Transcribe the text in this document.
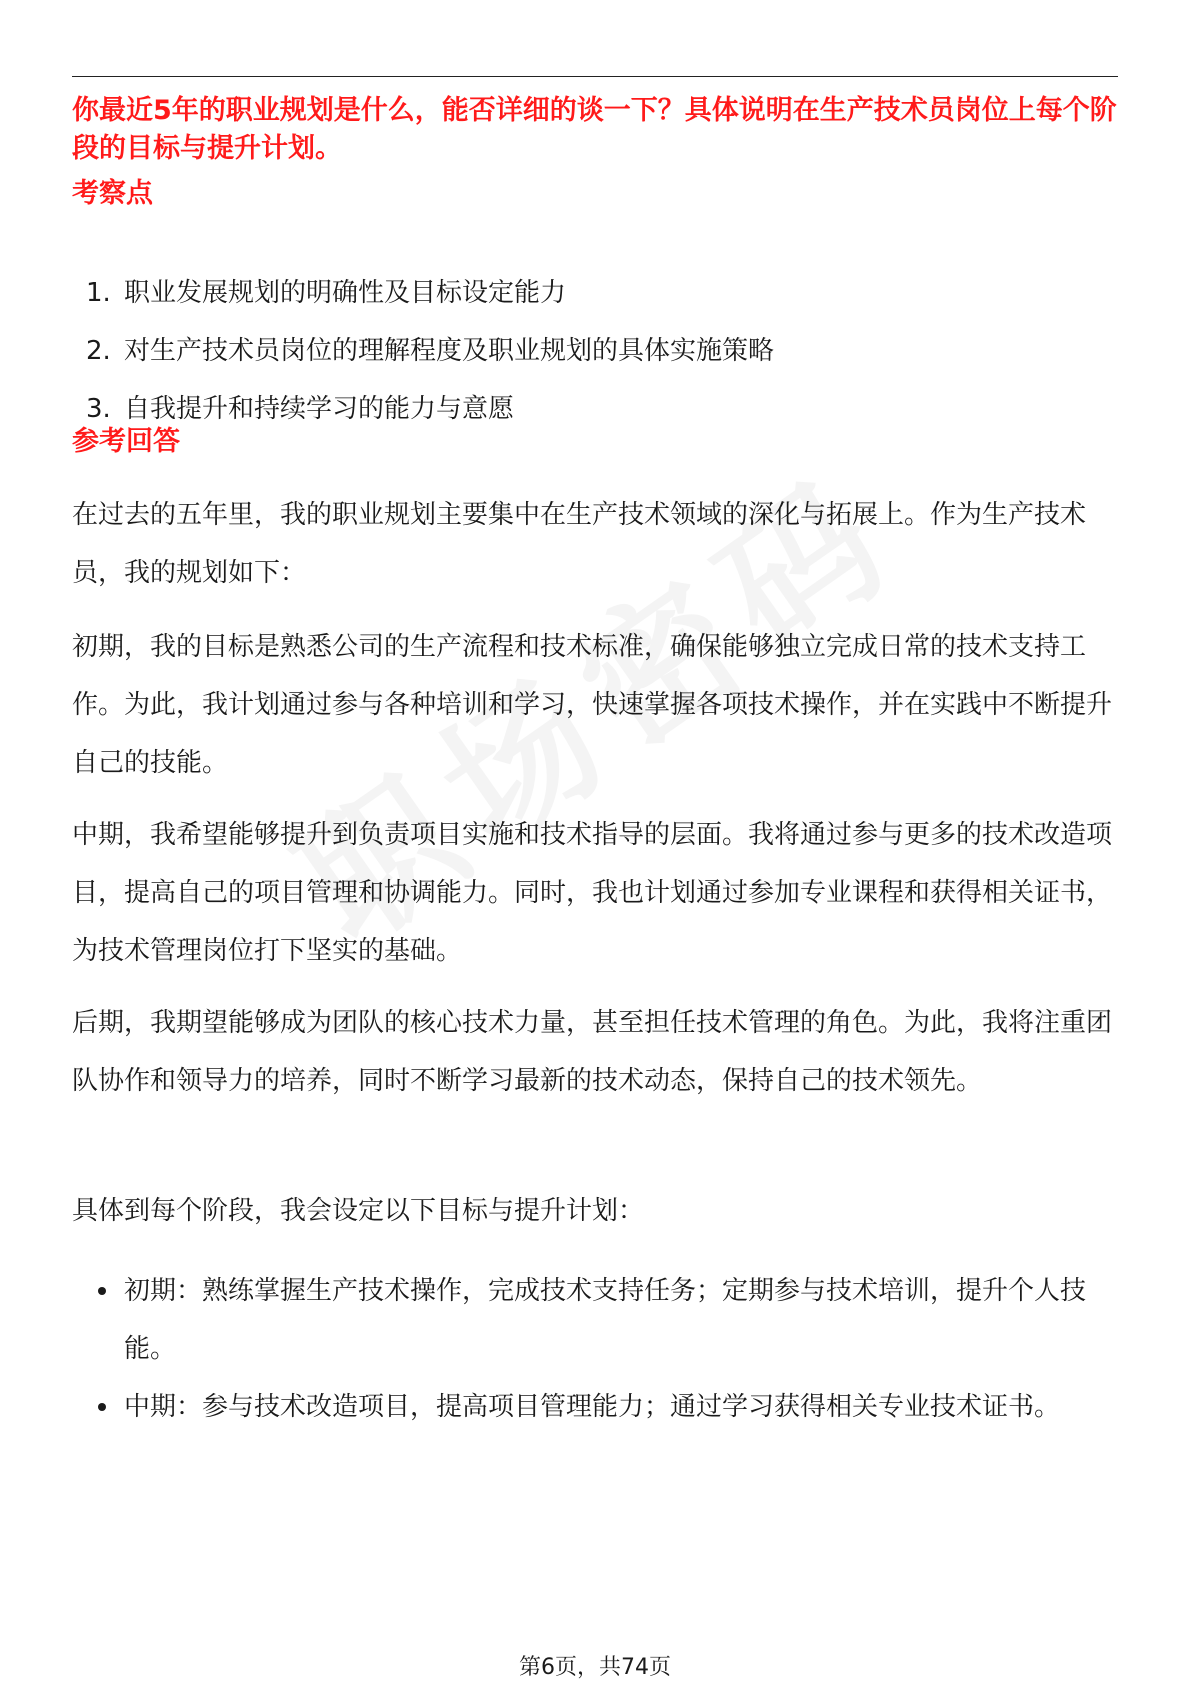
你最近5年的职业规划是什么，能否详细的谈一下？具体说明在生产技术员岗位上每个阶段的目标与提升计划。

考察点
1. 职业发展规划的明确性及目标设定能力
2. 对生产技术员岗位的理解程度及职业规划的具体实施策略
3. 自我提升和持续学习的能力与意愿
参考回答

在过去的五年里，我的职业规划主要集中在生产技术领域的深化与拓展上。作为生产技术员，我的规划如下：

初期，我的目标是熟悉公司的生产流程和技术标准，确保能够独立完成日常的技术支持工作。为此，我计划通过参与各种培训和学习，快速掌握各项技术操作，并在实践中不断提升自己的技能。

中期，我希望能够提升到负责项目实施和技术指导的层面。我将通过参与更多的技术改造项目，提高自己的项目管理和协调能力。同时，我也计划通过参加专业课程和获得相关证书，为技术管理岗位打下坚实的基础。

后期，我期望能够成为团队的核心技术力量，甚至担任技术管理的角色。为此，我将注重团队协作和领导力的培养，同时不断学习最新的技术动态，保持自己的技术领先。

具体到每个阶段，我会设定以下目标与提升计划：

初期：熟练掌握生产技术操作，完成技术支持任务；定期参与技术培训，提升个人技能。
中期：参与技术改造项目，提高项目管理能力；通过学习获得相关专业技术证书。
第6页，共74页
